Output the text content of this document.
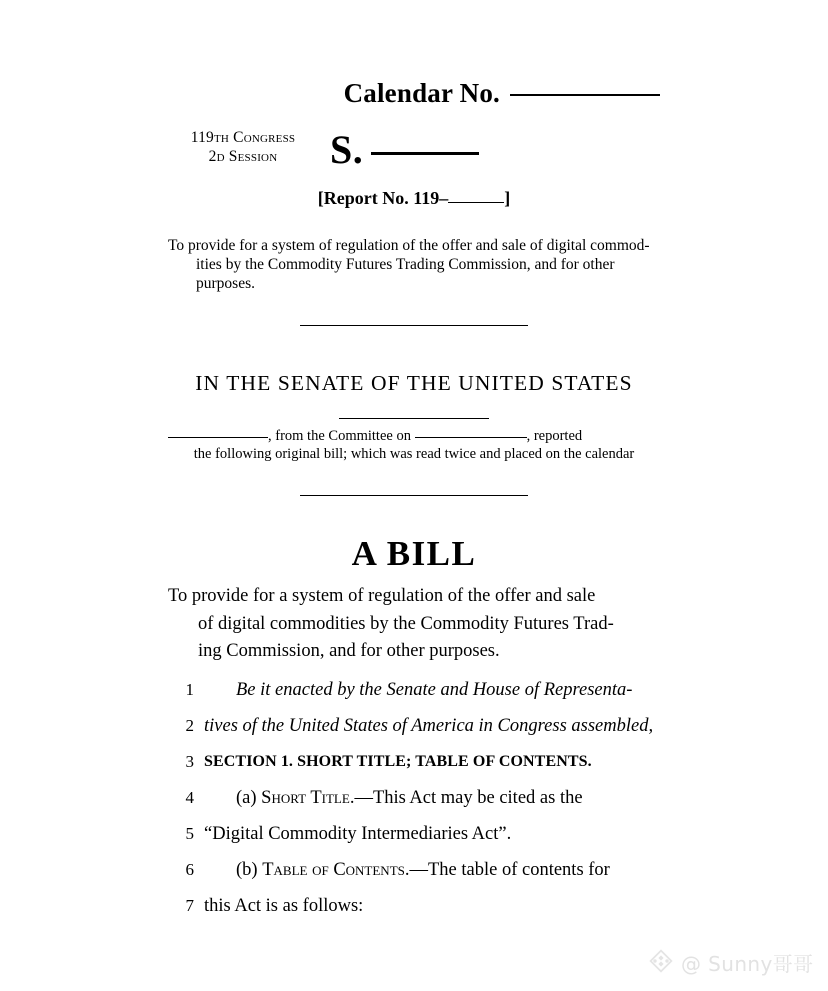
Calendar No.
119th Congress
2d Session	S.
[Report No. 119–	]
To provide for a system of regulation of the offer and sale of digital commod-
ities by the Commodity Futures Trading Commission, and for other
purposes.
IN THE SENATE OF THE UNITED STATES
, from the Committee on	, reported
the following original bill; which was read twice and placed on the calendar
A BILL
To provide for a system of regulation of the offer and sale
of digital commodities by the Commodity Futures Trad-
ing Commission, and for other purposes.
1 Be it enacted by the Senate and House of Representa-
2 tives of the United States of America in Congress assembled,
3 SECTION 1. SHORT TITLE; TABLE OF CONTENTS.
4 (a) Short Title.—This Act may be cited as the
5 “Digital Commodity Intermediaries Act”.
6 (b) Table of Contents.—The table of contents for
7 this Act is as follows:
@ Sunny哥哥
